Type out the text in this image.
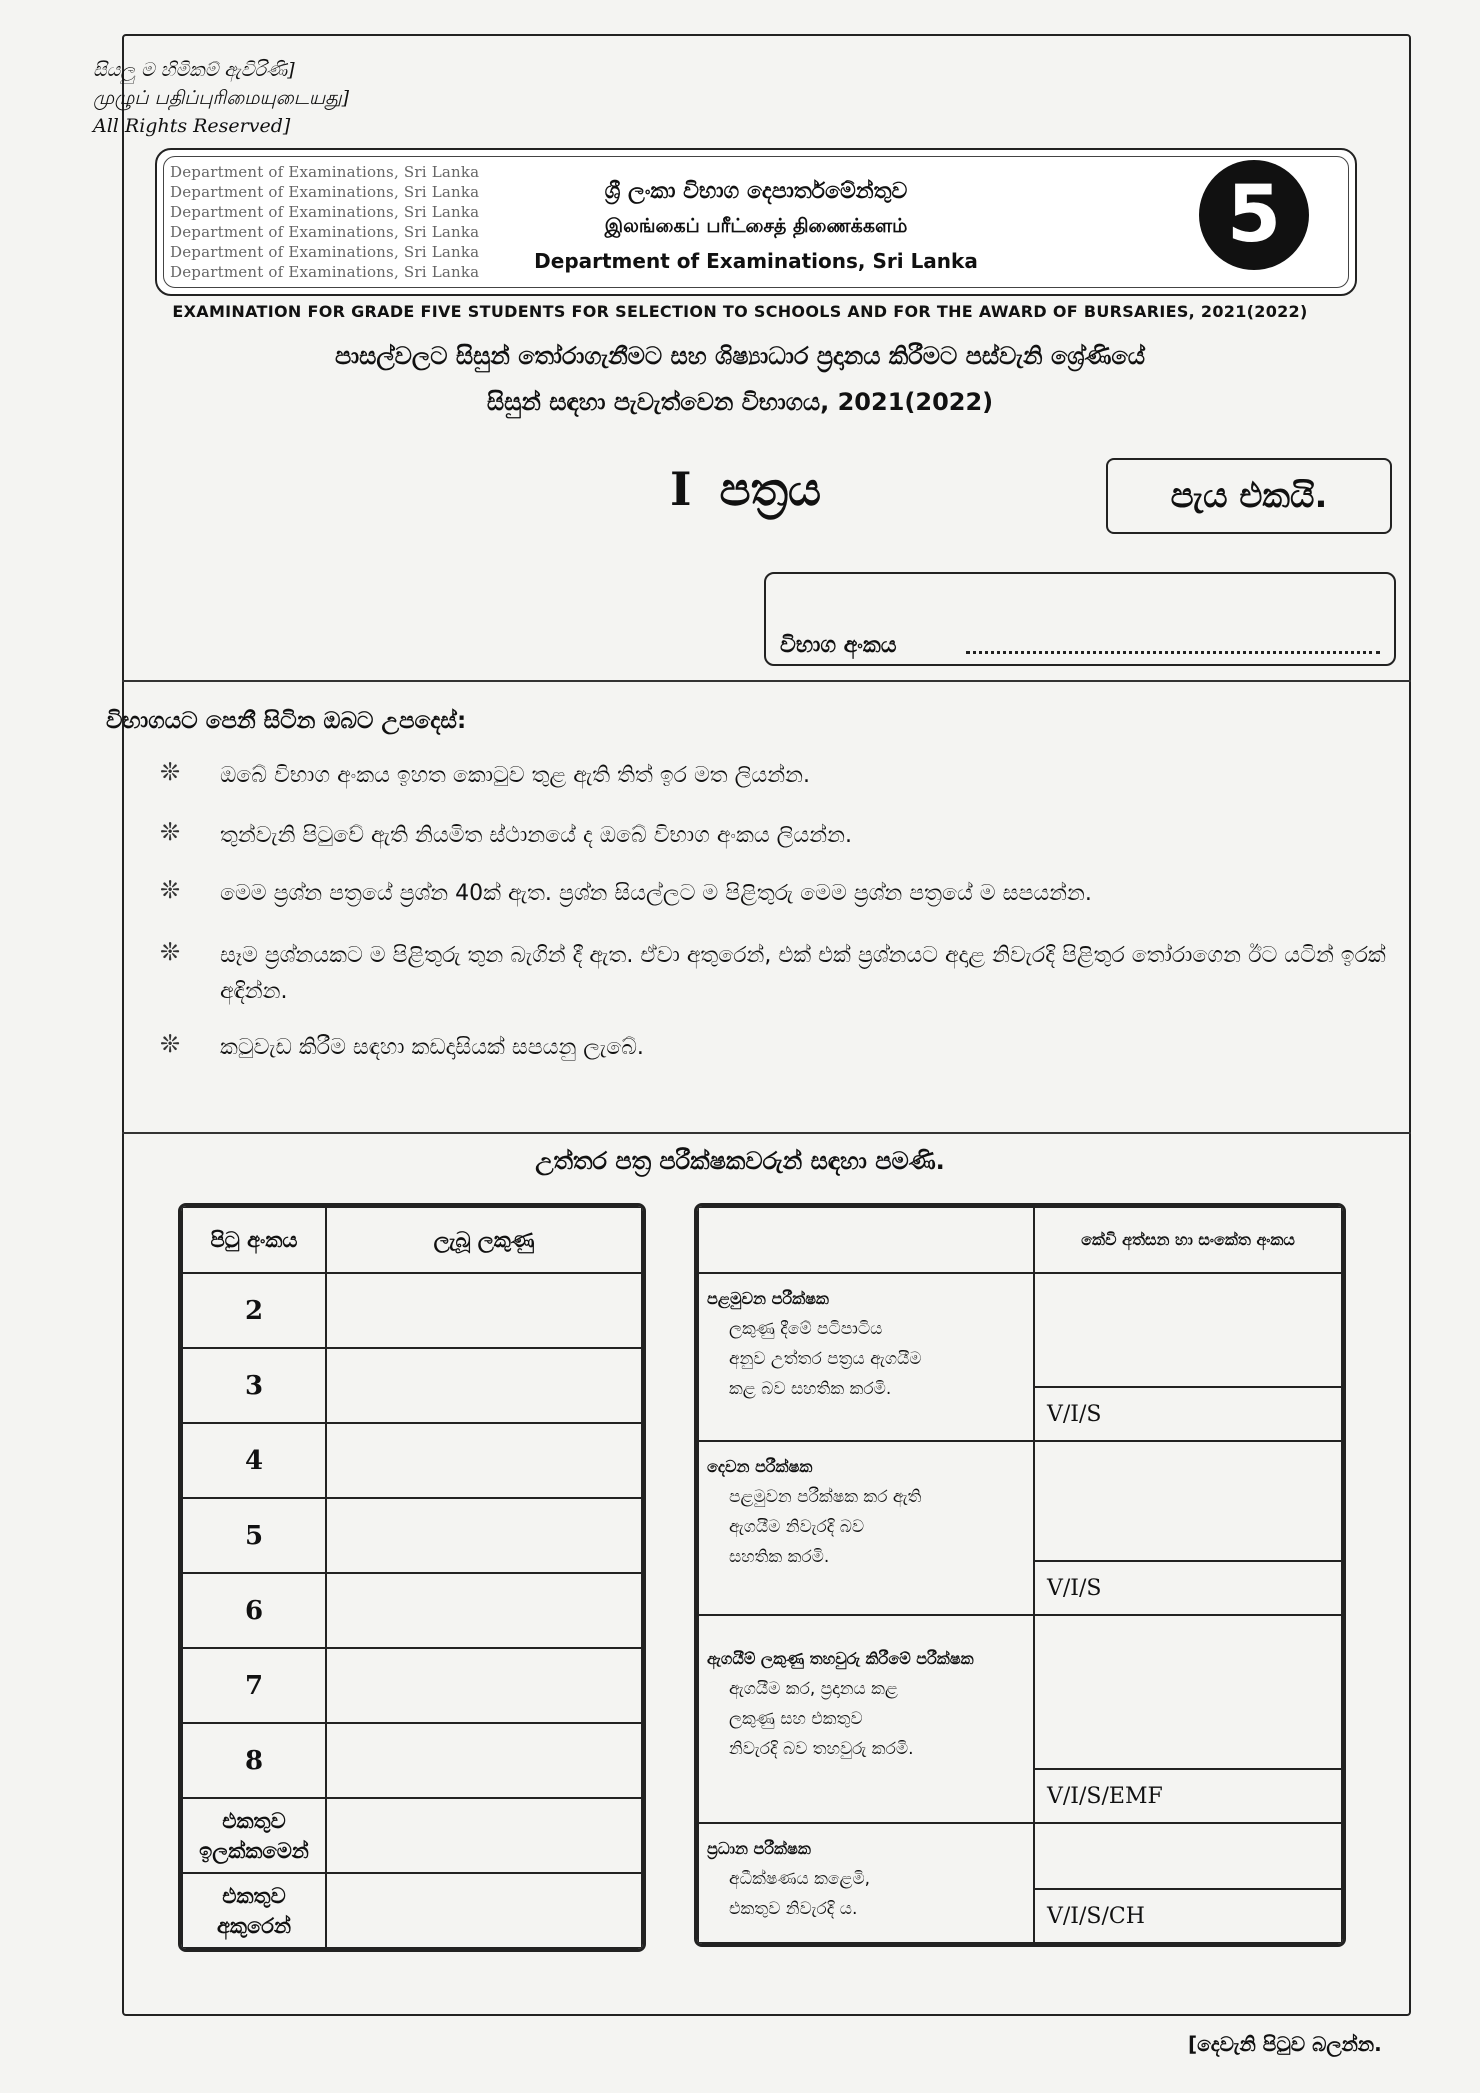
සියලු ම හිමිකම් ඇවිරිණි]
முழுப் பதிப்புரிமையுடையது]
All Rights Reserved]
Department of Examinations, Sri Lanka
Department of Examinations, Sri Lanka
Department of Examinations, Sri Lanka
Department of Examinations, Sri Lanka
Department of Examinations, Sri Lanka
Department of Examinations, Sri Lanka
ශ්‍රී ලංකා විභාග දෙපාර්තමේන්තුව
இலங்கைப் பரீட்சைத் திணைக்களம்
Department of Examinations, Sri Lanka
5
EXAMINATION FOR GRADE FIVE STUDENTS FOR SELECTION TO SCHOOLS AND FOR THE AWARD OF BURSARIES, 2021(2022)
පාසල්වලට සිසුන් තෝරාගැනීමට සහ ශිෂ්‍යාධාර ප්‍රදානය කිරීමට පස්වැනි ශ්‍රේණියේ
සිසුන් සඳහා පැවැත්වෙන විභාගය, 2021(2022)
I පත්‍රය	පැය එකයි.
විභාග අංකය
විභාගයට පෙනී සිටින ඔබට උපදෙස්:
❊ ඔබේ විභාග අංකය ඉහත කොටුව තුළ ඇති තිත් ඉර මත ලියන්න.
❊ තුන්වැනි පිටුවේ ඇති නියමිත ස්ථානයේ ද ඔබේ විභාග අංකය ලියන්න.
❊ මෙම ප්‍රශ්න පත්‍රයේ ප්‍රශ්න 40ක් ඇත. ප්‍රශ්න සියල්ලට ම පිළිතුරු මෙම ප්‍රශ්න පත්‍රයේ ම සපයන්න.
❊ සෑම ප්‍රශ්නයකට ම පිළිතුරු තුන බැගින් දී ඇත. ඒවා අතුරෙන්, එක් එක් ප්‍රශ්නයට අදාළ නිවැරදි පිළිතුර තෝරාගෙන ඊට යටින් ඉරක් අඳින්න.
❊ කටුවැඩ කිරීම සඳහා කඩදාසියක් සපයනු ලැබේ.
උත්තර පත්‍ර පරීක්ෂකවරුන් සඳහා පමණි.
පිටු අංකය	ලැබූ ලකුණු
2	
3	
4	
5	
6	
7	
8	
එකතුව ඉලක්කමෙන්	
එකතුව අකුරෙන්	
	කේවි අත්සන හා සංකේත අංකය

පළමුවන පරීක්ෂක
ලකුණු දීමේ පටිපාටිය
අනුව උත්තර පත්‍රය ඇගයීම
කළ බව සහතික කරමි.	

	V/I/S

දෙවන පරීක්ෂක
පළමුවන පරීක්ෂක කර ඇති
ඇගයීම නිවැරදි බව
සහතික කරමි.	

	V/I/S

ඇගයීම් ලකුණු තහවුරු කිරීමේ පරීක්ෂක
ඇගයීම කර, ප්‍රදානය කළ
ලකුණු සහ එකතුව
නිවැරදි බව තහවුරු කරමි.	

	V/I/S/EMF

ප්‍රධාන පරීක්ෂක
අධීක්ෂණය කළෙමි,
එකතුව නිවැරදි ය.	

	V/I/S/CH
[දෙවැනි පිටුව බලන්න.
